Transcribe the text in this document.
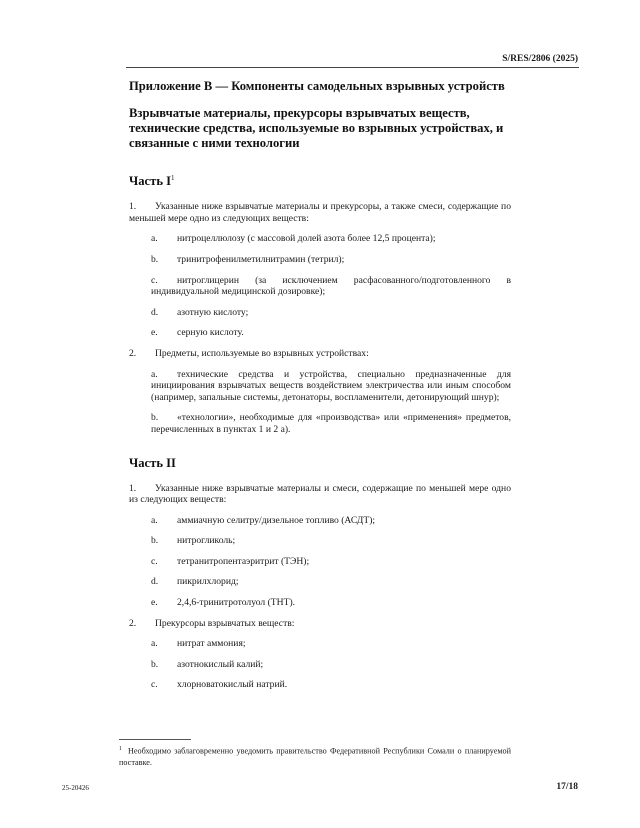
S/RES/2806 (2025)
Приложение B — Компоненты самодельных взрывных устройств
Взрывчатые материалы, прекурсоры взрывчатых веществ, технические средства, используемые во взрывных устройствах, и связанные с ними технологии
Часть $I^1$

1. Указанные ниже взрывчатые материалы и прекурсоры, а также смеси, содержащие по меньшей мере одно из следующих веществ:

a. нитроцеллюлозу (с массовой долей азота более 12,5 процента);

b. тринитрофенилметилнитрамин (тетрил);

c. нитроглицерин (за исключением расфасованного/подготовленного в индивидуальной медицинской дозировке);

d. азотную кислоту;

e. серную кислоту.

2. Предметы, используемые во взрывных устройствах:

a. технические средства и устройства, специально предназначенные для инициирования взрывчатых веществ воздействием электричества или иным способом (например, запальные системы, детонаторы, воспламенители, детонирующий шнур);

b. «технологии», необходимые для «производства» или «применения» предметов, перечисленных в пунктах 1 и 2 а).

Часть II

1. Указанные ниже взрывчатые материалы и смеси, содержащие по меньшей мере одно из следующих веществ:

a. аммиачную селитру/дизельное топливо (АСДТ);

b. нитрогликоль;

c. тетранитропентаэритрит (ТЭН);

d. пикрилхлорид;

e. 2,4,6-тринитротолуол (ТНТ).

2. Прекурсоры взрывчатых веществ:

a. нитрат аммония;

b. азотнокислый калий;

c. хлорноватокислый натрий.

$^1$ Необходимо заблаговременно уведомить правительство Федеративной Республики Сомали о планируемой поставке.
25-20426	17/18
